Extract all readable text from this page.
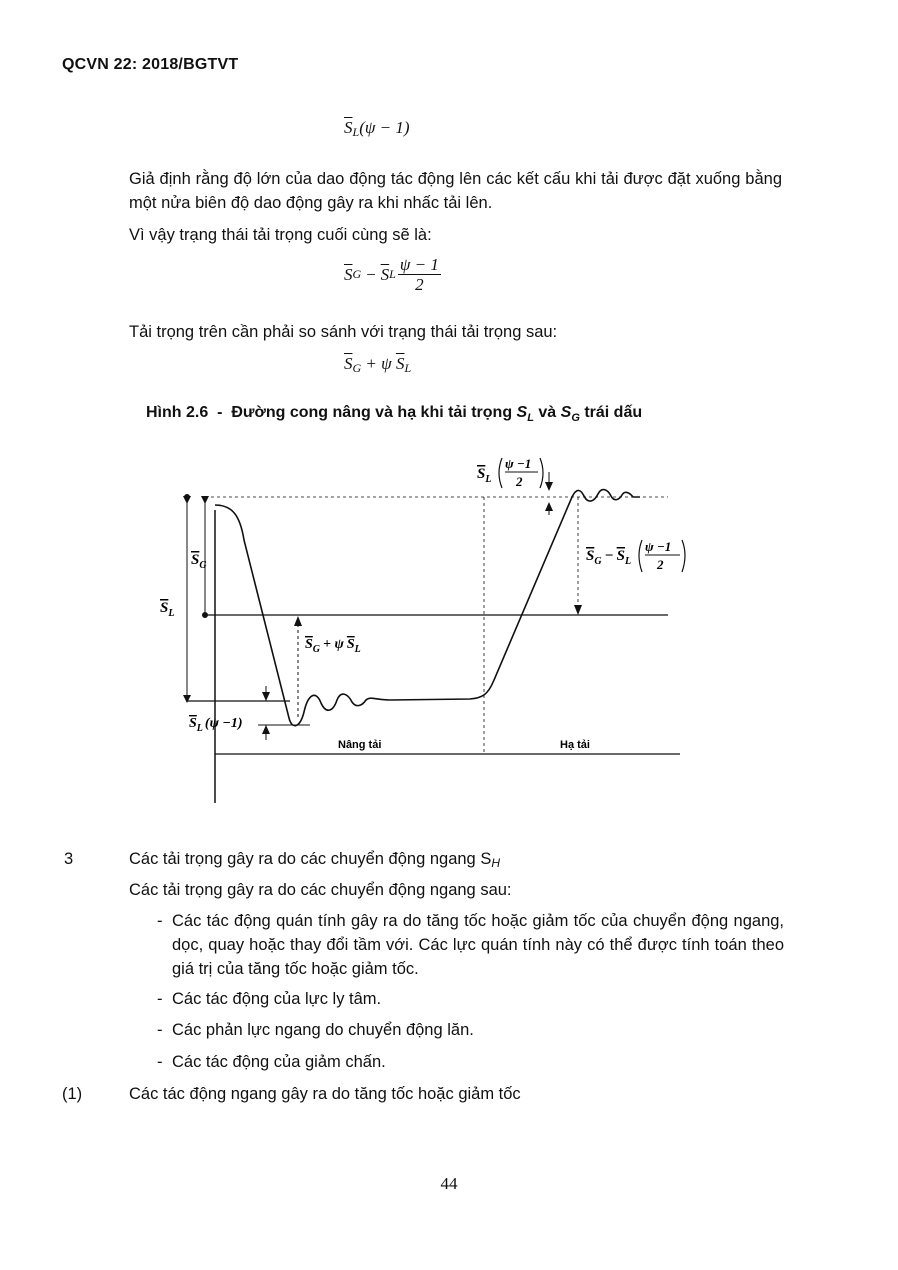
QCVN 22: 2018/BGTVT
$\overline{S}_L(\psi - 1)$
Giả định rằng độ lớn của dao động tác động lên các kết cấu khi tải được đặt xuống bằng một nửa biên độ dao động gây ra khi nhấc tải lên.
Vì vậy trạng thái tải trọng cuối cùng sẽ là:
$\overline{S}$ $G - \overline{S}$ L $\frac{\psi - 1}{2}$
Tải trọng trên cần phải so sánh với trạng thái tải trọng sau:
$\overline{S}_G + \psi$ $\overline{S}_L$
Hình 2.6  -  Đường cong nâng và hạ khi tải trọng $S_L$ và $S_G$ trái dấu
$S_L$
$S_G$
$S_G + \psi$ $S_L$
$S_L$ (ψ −1)
$S_L$
ψ −1
2
$S_G - S_L$
ψ −1
2
Nâng tải	Hạ tải
3	Các tải trọng gây ra do các chuyển động ngang $S_H$
Các tải trọng gây ra do các chuyển động ngang sau:
- Các tác động quán tính gây ra do tăng tốc hoặc giảm tốc của chuyển động ngang, dọc, quay hoặc thay đổi tầm với. Các lực quán tính này có thể được tính toán theo giá trị của tăng tốc hoặc giảm tốc.
- Các tác động của lực ly tâm.
- Các phản lực ngang do chuyển động lăn.
- Các tác động của giảm chấn.
(1)	Các tác động ngang gây ra do tăng tốc hoặc giảm tốc
44
